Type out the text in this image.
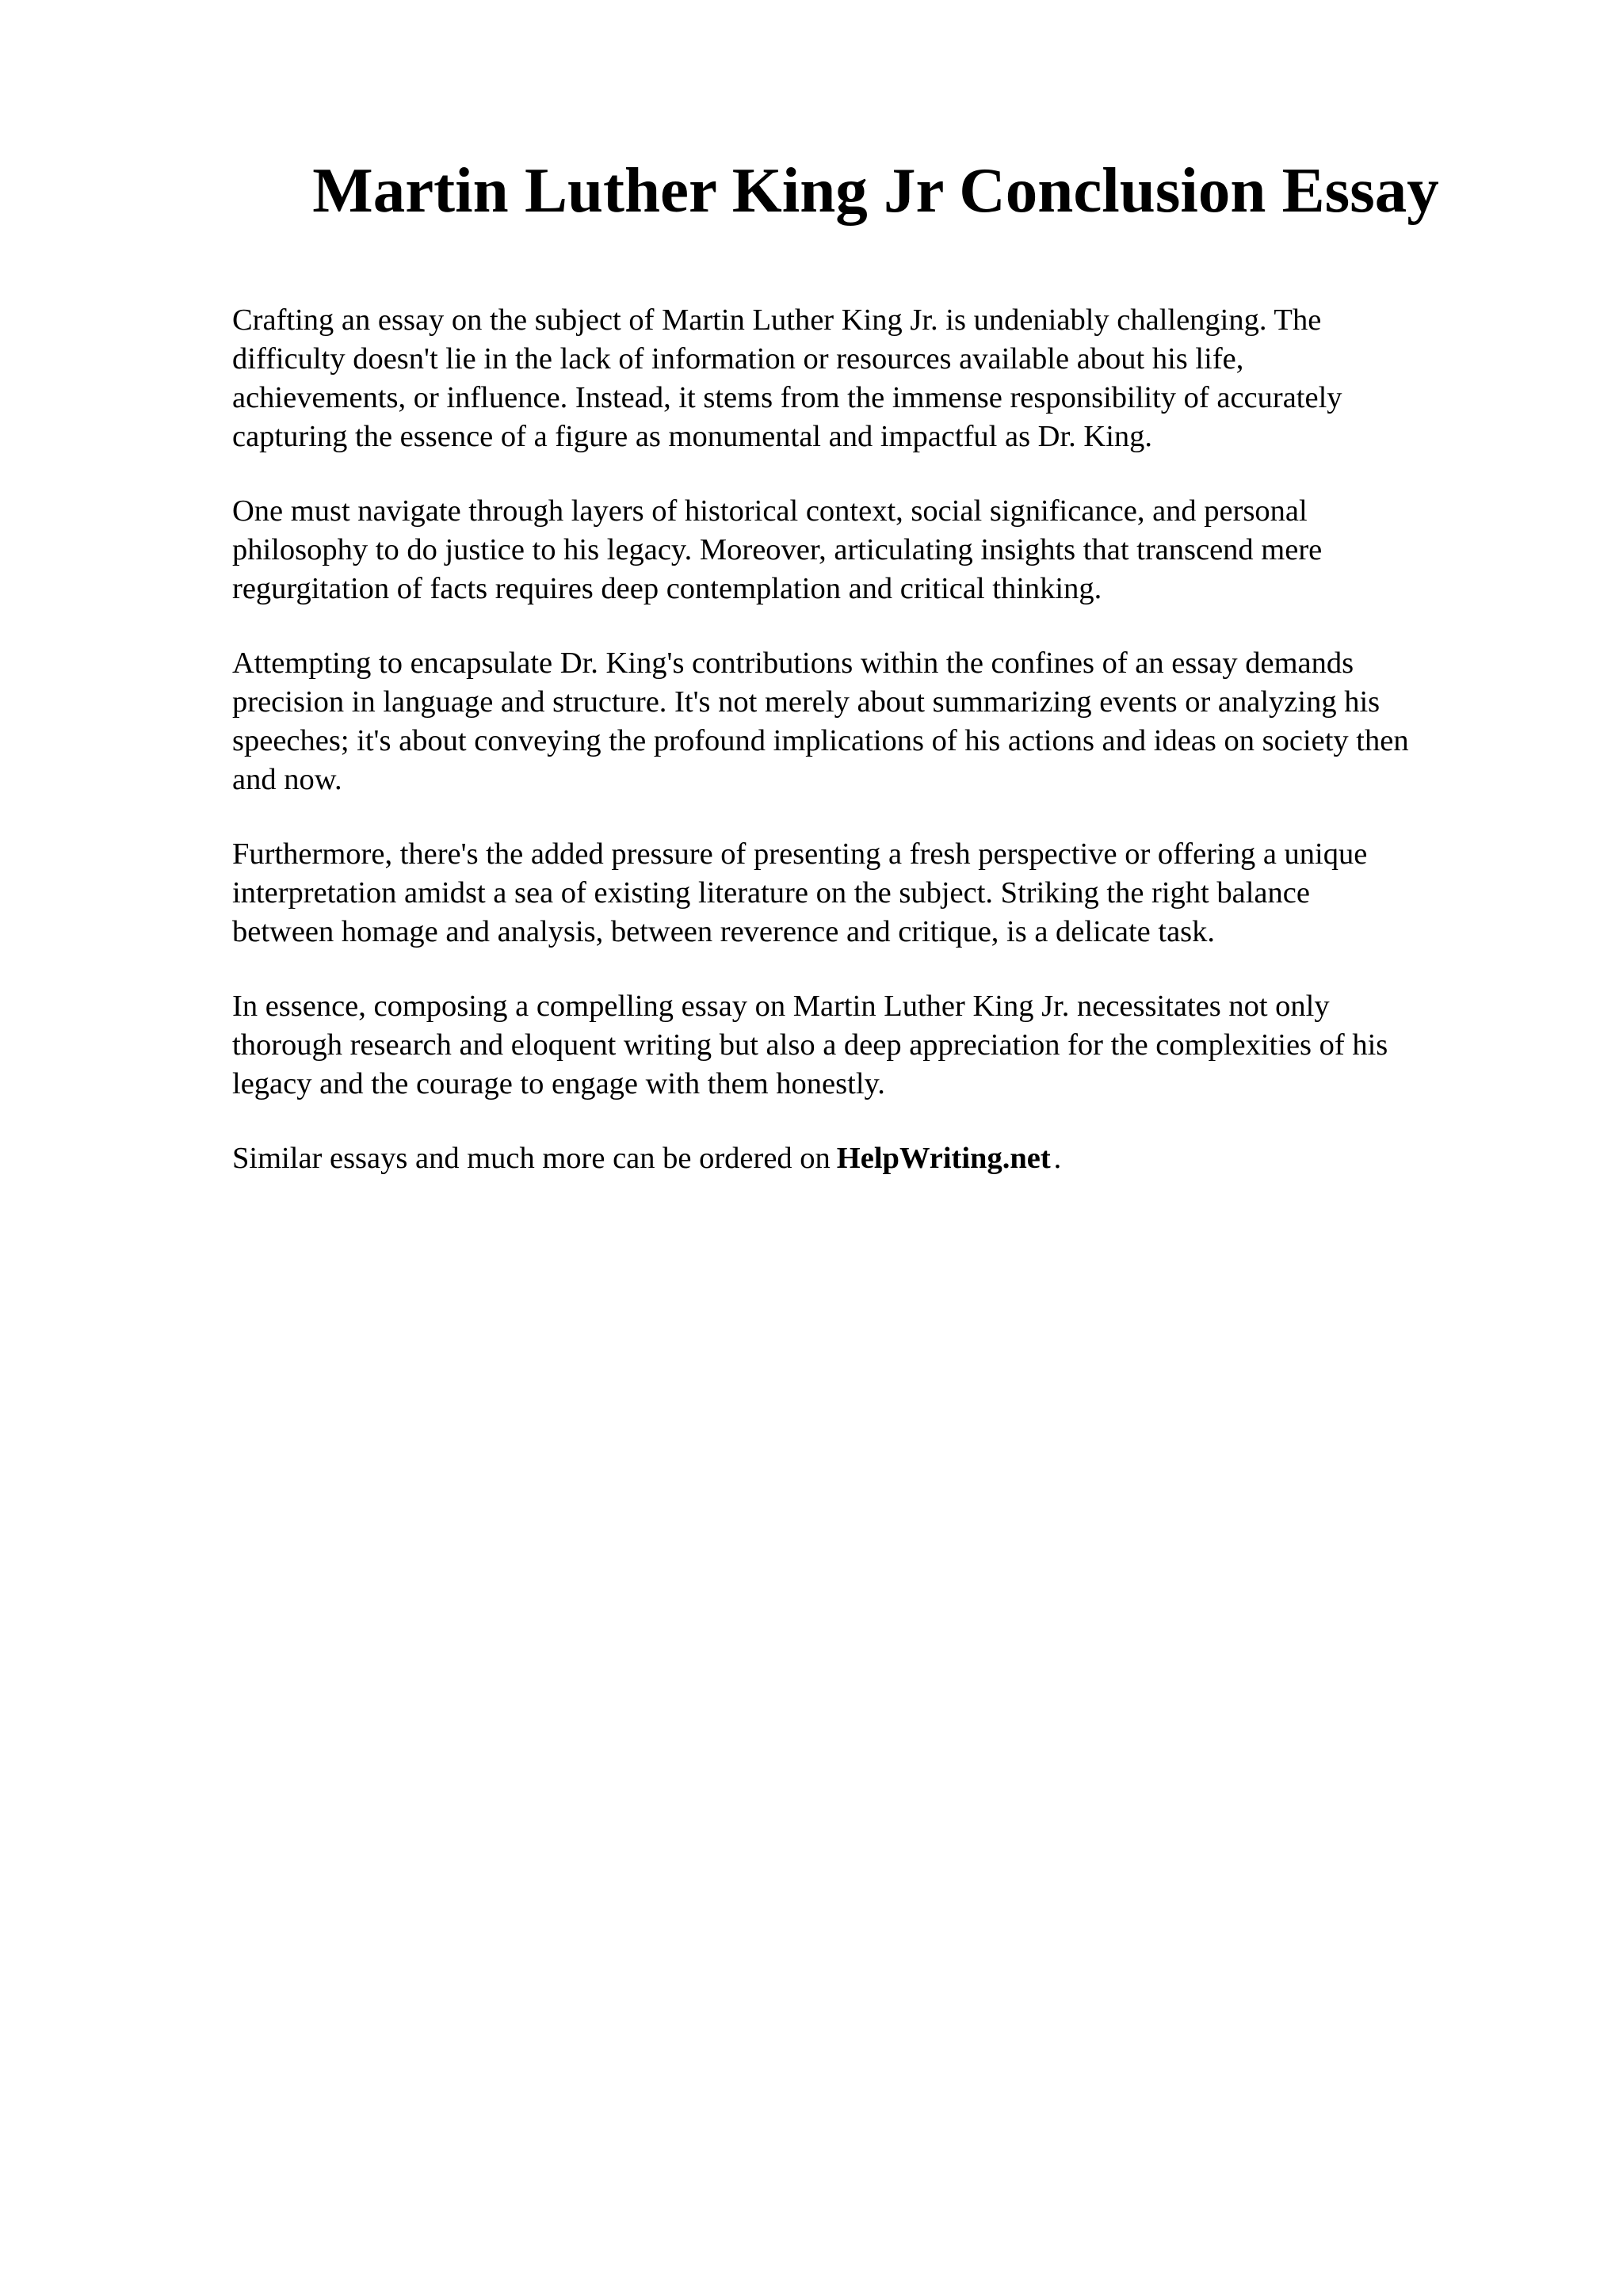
Martin Luther King Jr Conclusion Essay

Crafting an essay on the subject of Martin Luther King Jr. is undeniably challenging. The
difficulty doesn't lie in the lack of information or resources available about his life,
achievements, or influence. Instead, it stems from the immense responsibility of accurately
capturing the essence of a figure as monumental and impactful as Dr. King.

One must navigate through layers of historical context, social significance, and personal
philosophy to do justice to his legacy. Moreover, articulating insights that transcend mere
regurgitation of facts requires deep contemplation and critical thinking.

Attempting to encapsulate Dr. King's contributions within the confines of an essay demands
precision in language and structure. It's not merely about summarizing events or analyzing his
speeches; it's about conveying the profound implications of his actions and ideas on society then
and now.

Furthermore, there's the added pressure of presenting a fresh perspective or offering a unique
interpretation amidst a sea of existing literature on the subject. Striking the right balance
between homage and analysis, between reverence and critique, is a delicate task.

In essence, composing a compelling essay on Martin Luther King Jr. necessitates not only
thorough research and eloquent writing but also a deep appreciation for the complexities of his
legacy and the courage to engage with them honestly.

Similar essays and much more can be ordered on HelpWriting.net .
